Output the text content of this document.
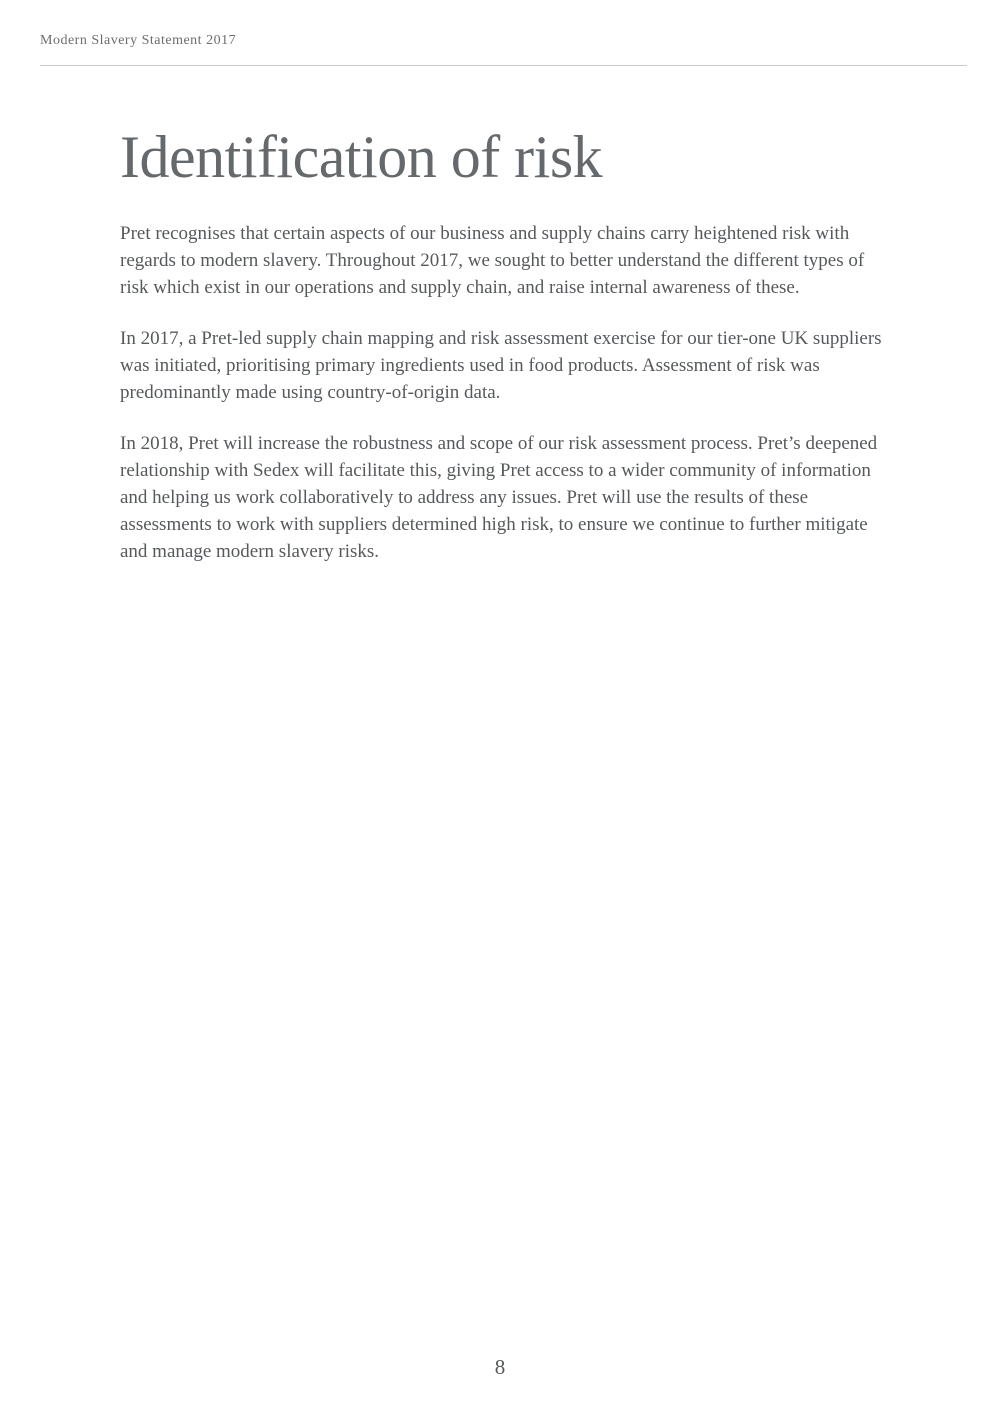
Modern Slavery Statement 2017
Identification of risk

Pret recognises that certain aspects of our business and supply chains carry heightened risk with regards to modern slavery. Throughout 2017, we sought to better understand the different types of risk which exist in our operations and supply chain, and raise internal awareness of these.

In 2017, a Pret-led supply chain mapping and risk assessment exercise for our tier-one UK suppliers was initiated, prioritising primary ingredients used in food products. Assessment of risk was predominantly made using country-of-origin data.

In 2018, Pret will increase the robustness and scope of our risk assessment process. Pret’s deepened relationship with Sedex will facilitate this, giving Pret access to a wider community of information and helping us work collaboratively to address any issues. Pret will use the results of these assessments to work with suppliers determined high risk, to ensure we continue to further mitigate and manage modern slavery risks.

8
